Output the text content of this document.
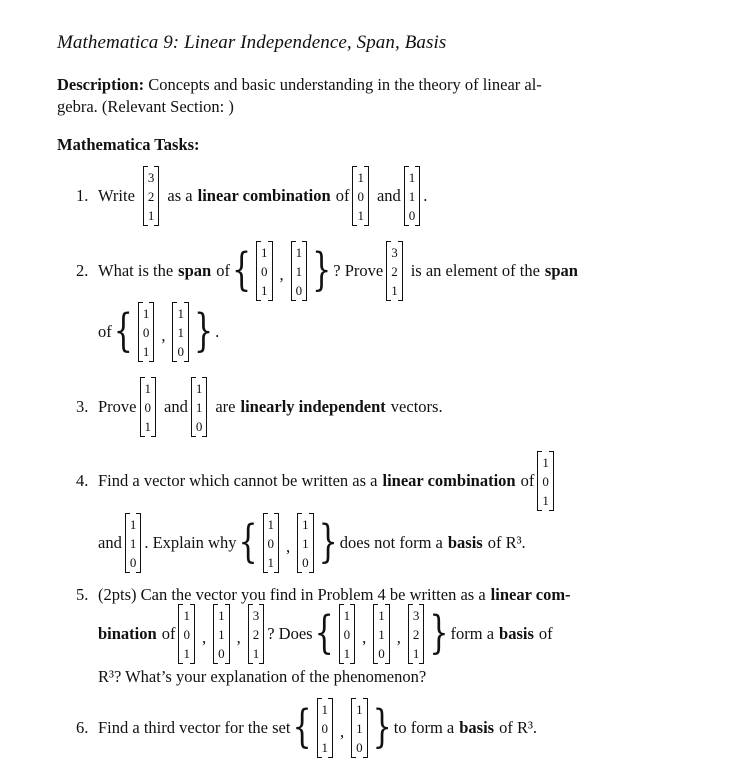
Mathematica 9: Linear Independence, Span, Basis
Description: Concepts and basic understanding in the theory of linear al-
gebra. (Relevant Section: )
Mathematica Tasks:
1. Write
3
2
1
as a linear combination of
1
0
1
and
1
1
0
.
2. What is the span of { 1
0
1
,
1
1
0 } ? Prove
3
2
1
is an element of the span
of { 1
0
1
,
1
1
0 } .
3. Prove
1
0
1
and
1
1
0
are linearly independent vectors.
4. Find a vector which cannot be written as a linear combination of
1
0
1
and
1
1
0
. Explain why { 1
0
1
,
1
1
0 } does not form a basis of R³.
5. (2pts) Can the vector you find in Problem 4 be written as a linear com-
bination of
1
0
1
,
1
1
0
,
3
2
1
? Does { 1
0
1
,
1
1
0
,
3
2
1 } form a basis of
R³? What’s your explanation of the phenomenon?
6. Find a third vector for the set { 1
0
1
,
1
1
0 } to form a basis of R³.
